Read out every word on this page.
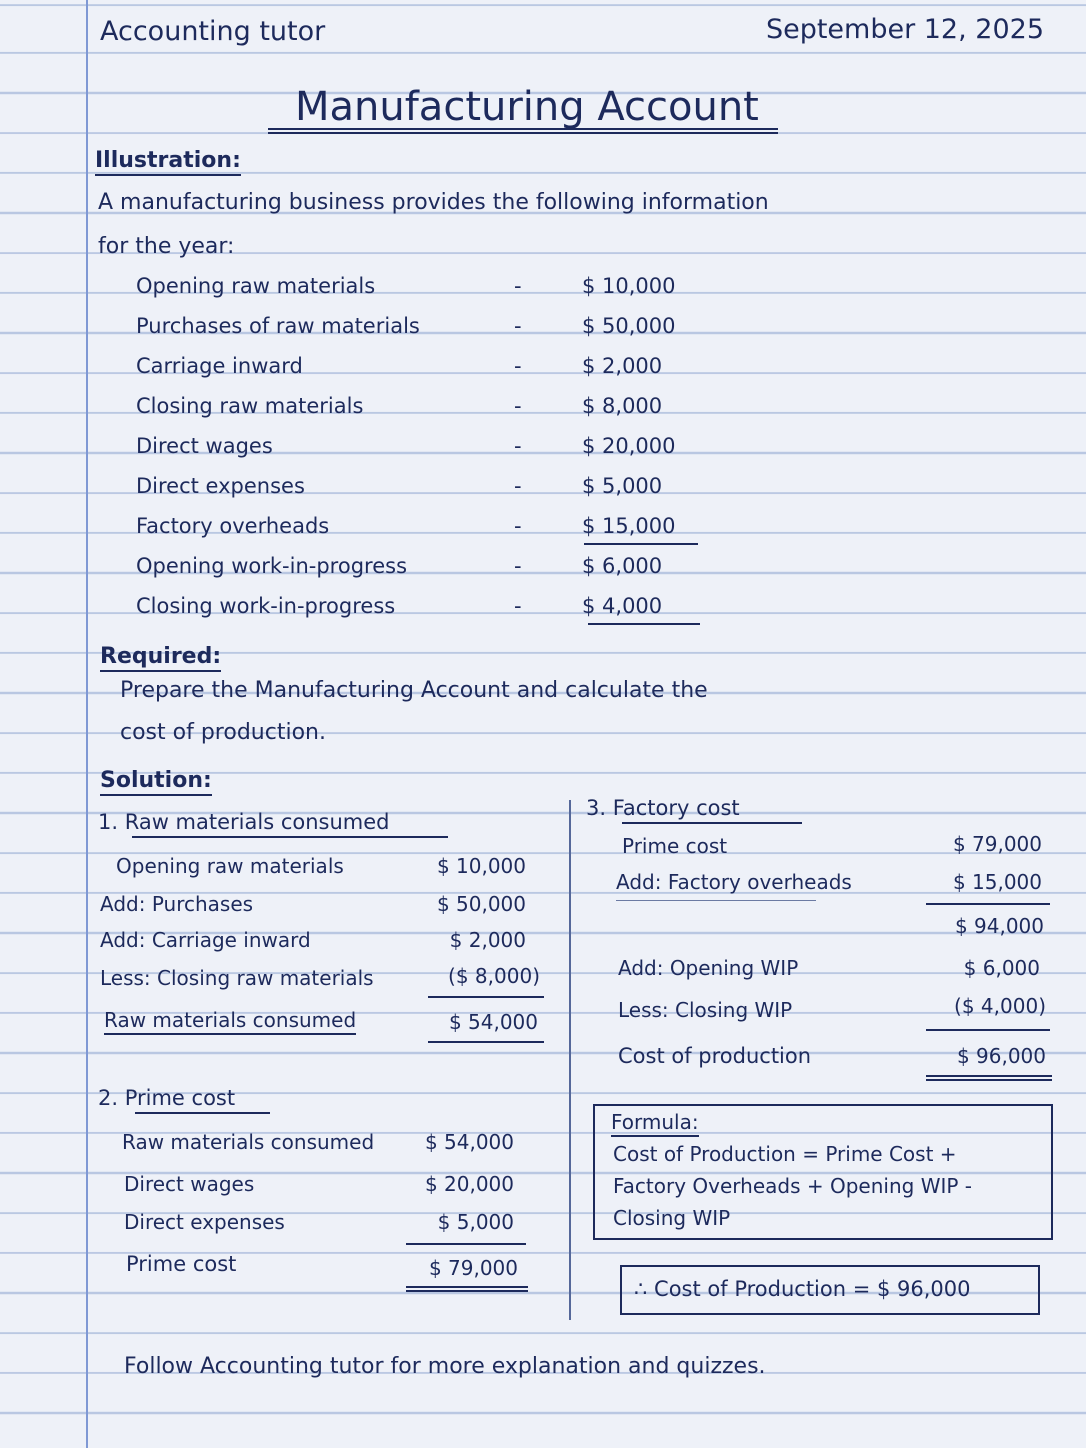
Accounting tutor	September 12, 2025
Manufacturing Account
Illustration:
A manufacturing business provides the following information
for the year:
Opening raw materials	-	$ 10,000
Purchases of raw materials	-	$ 50,000
Carriage inward	-	$ 2,000
Closing raw materials	-	$ 8,000
Direct wages	-	$ 20,000
Direct expenses	-	$ 5,000
Factory overheads	-	$ 15,000
Opening work-in-progress	-	$ 6,000
Closing work-in-progress	-	$ 4,000
Required:
Prepare the Manufacturing Account and calculate the
cost of production.
Solution:
1. Raw materials consumed
Opening raw materials	$ 10,000
Add: Purchases	$ 50,000
Add: Carriage inward	$ 2,000
Less: Closing raw materials	($ 8,000)
Raw materials consumed	$ 54,000
2. Prime cost
Raw materials consumed	$ 54,000
Direct wages	$ 20,000
Direct expenses	$ 5,000
Prime cost	$ 79,000
3. Factory cost
Prime cost	$ 79,000
Add: Factory overheads	$ 15,000
$ 94,000
Add: Opening WIP	$ 6,000
Less: Closing WIP	($ 4,000)
Cost of production	$ 96,000
Formula:
Cost of Production = Prime Cost +
Factory Overheads + Opening WIP -
Closing WIP
∴ Cost of Production = $ 96,000
Follow Accounting tutor for more explanation and quizzes.
